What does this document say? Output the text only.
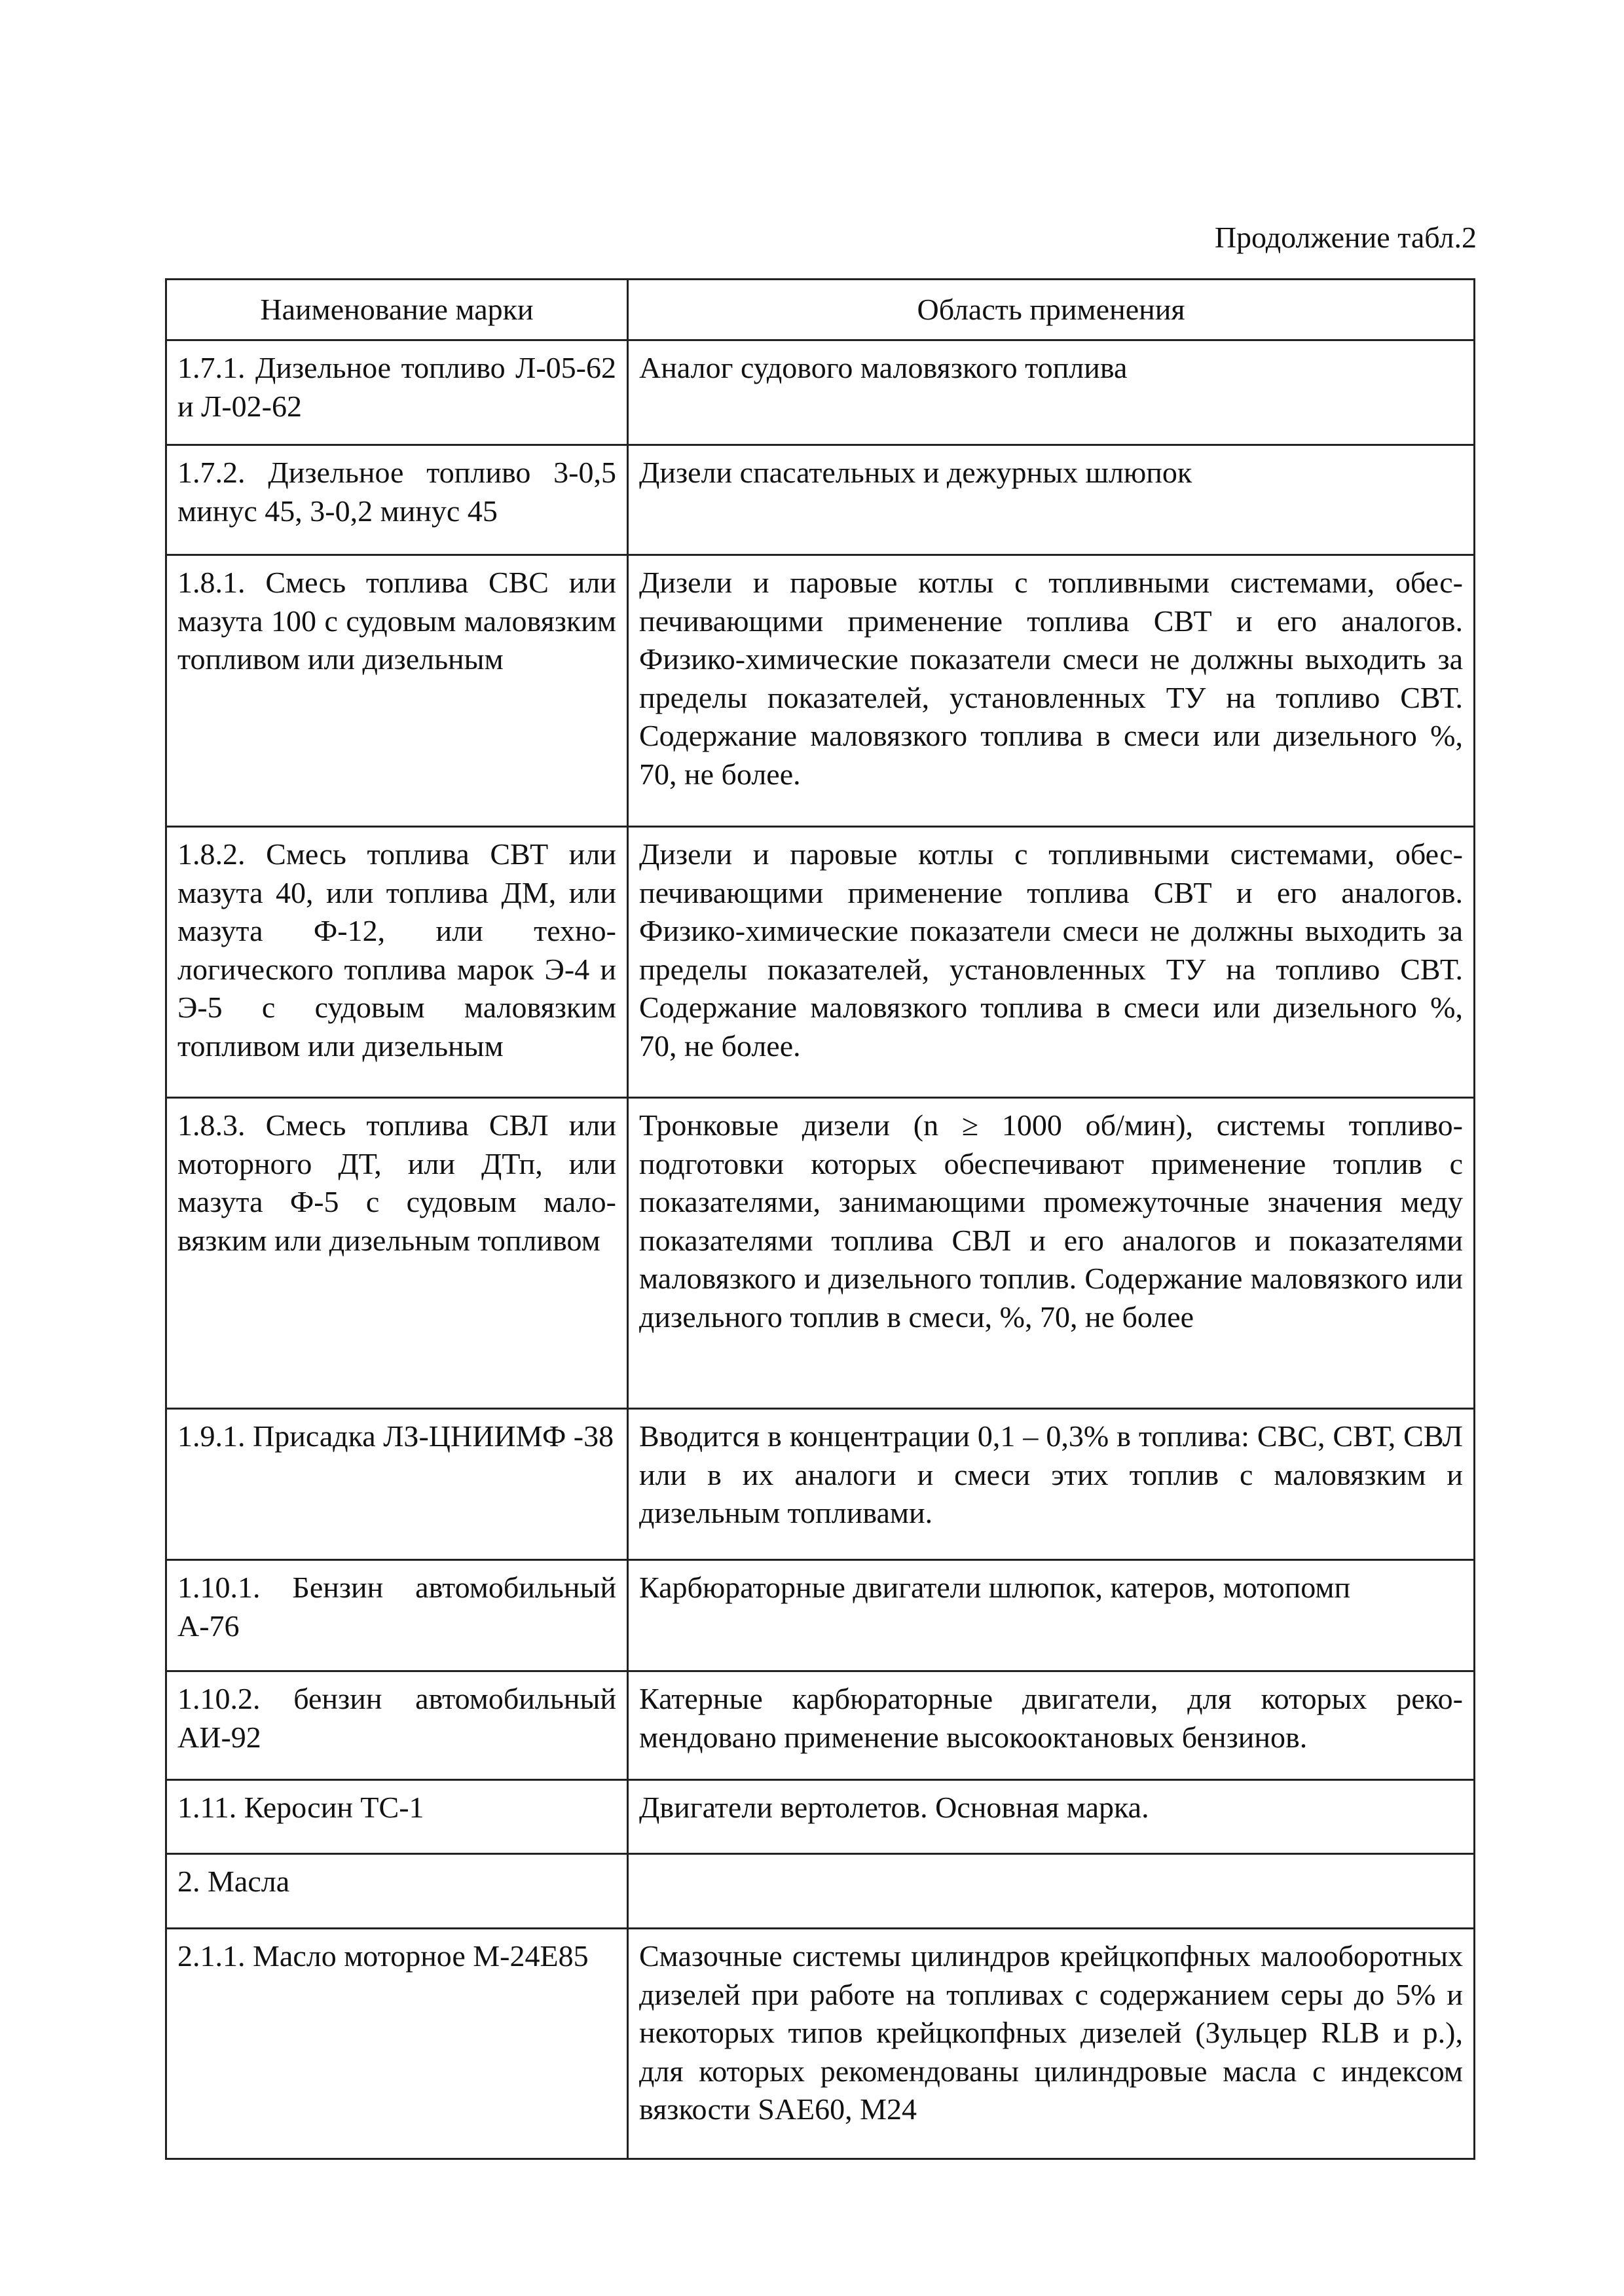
Продолжение табл.2
Наименование марки	Область применения
1.7.1. Дизельное топливо Л-05-62 и Л-02-62	Аналог судового маловязкого топлива
1.7.2. Дизельное топливо 3-0,5 минус 45, 3-0,2 минус 45	Дизели спасательных и дежурных шлюпок
1.8.1. Смесь топлива СВС или мазута 100 с судовым маловязким топливом или дизельным	Дизели и паровые котлы с топливными системами, обеспечивающими применение топлива СВТ и его аналогов. Физико-химические показатели смеси не должны выходить за пределы показателей, установленных ТУ на топливо СВТ. Содержание маловязкого топлива в смеси или дизельного %, 70, не более.
1.8.2. Смесь топлива СВТ или мазута 40, или топлива ДМ, или мазута Ф-12, или технологического топлива марок Э-4 и Э-5 с судовым маловязким топливом или дизельным	Дизели и паровые котлы с топливными системами, обеспечивающими применение топлива СВТ и его аналогов. Физико-химические показатели смеси не должны выходить за пределы показателей, установленных ТУ на топливо СВТ. Содержание маловязкого топлива в смеси или дизельного %, 70, не более.
1.8.3. Смесь топлива СВЛ или моторного ДТ, или ДТп, или мазута Ф-5 с судовым маловязким или дизельным топливом	Тронковые дизели (n ≥ 1000 об/мин), системы топливоподготовки которых обеспечивают применение топлив с показателями, занимающими промежуточные значения меду показателями топлива СВЛ и его аналогов и показателями маловязкого и дизельного топлив. Содержание маловязкого или дизельного топлив в смеси, %, 70, не более
1.9.1. Присадка ЛЗ-ЦНИИМФ -38	Вводится в концентрации 0,1 – 0,3% в топлива: СВС, СВТ, СВЛ или в их аналоги и смеси этих топлив с маловязким и дизельным топливами.
1.10.1. Бензин автомобильный А-76	Карбюраторные двигатели шлюпок, катеров, мотопомп
1.10.2. бензин автомобильный АИ-92	Катерные карбюраторные двигатели, для которых рекомендовано применение высокооктановых бензинов.
1.11. Керосин ТС-1	Двигатели вертолетов. Основная марка.
2. Масла	
2.1.1. Масло моторное М-24Е85	Смазочные системы цилиндров крейцкопфных малооборотных дизелей при работе на топливах с содержанием серы до 5% и некоторых типов крейцкопфных дизелей (Зульцер RLB и р.), для которых рекомендованы цилиндровые масла с индексом вязкости SAE60, М24
